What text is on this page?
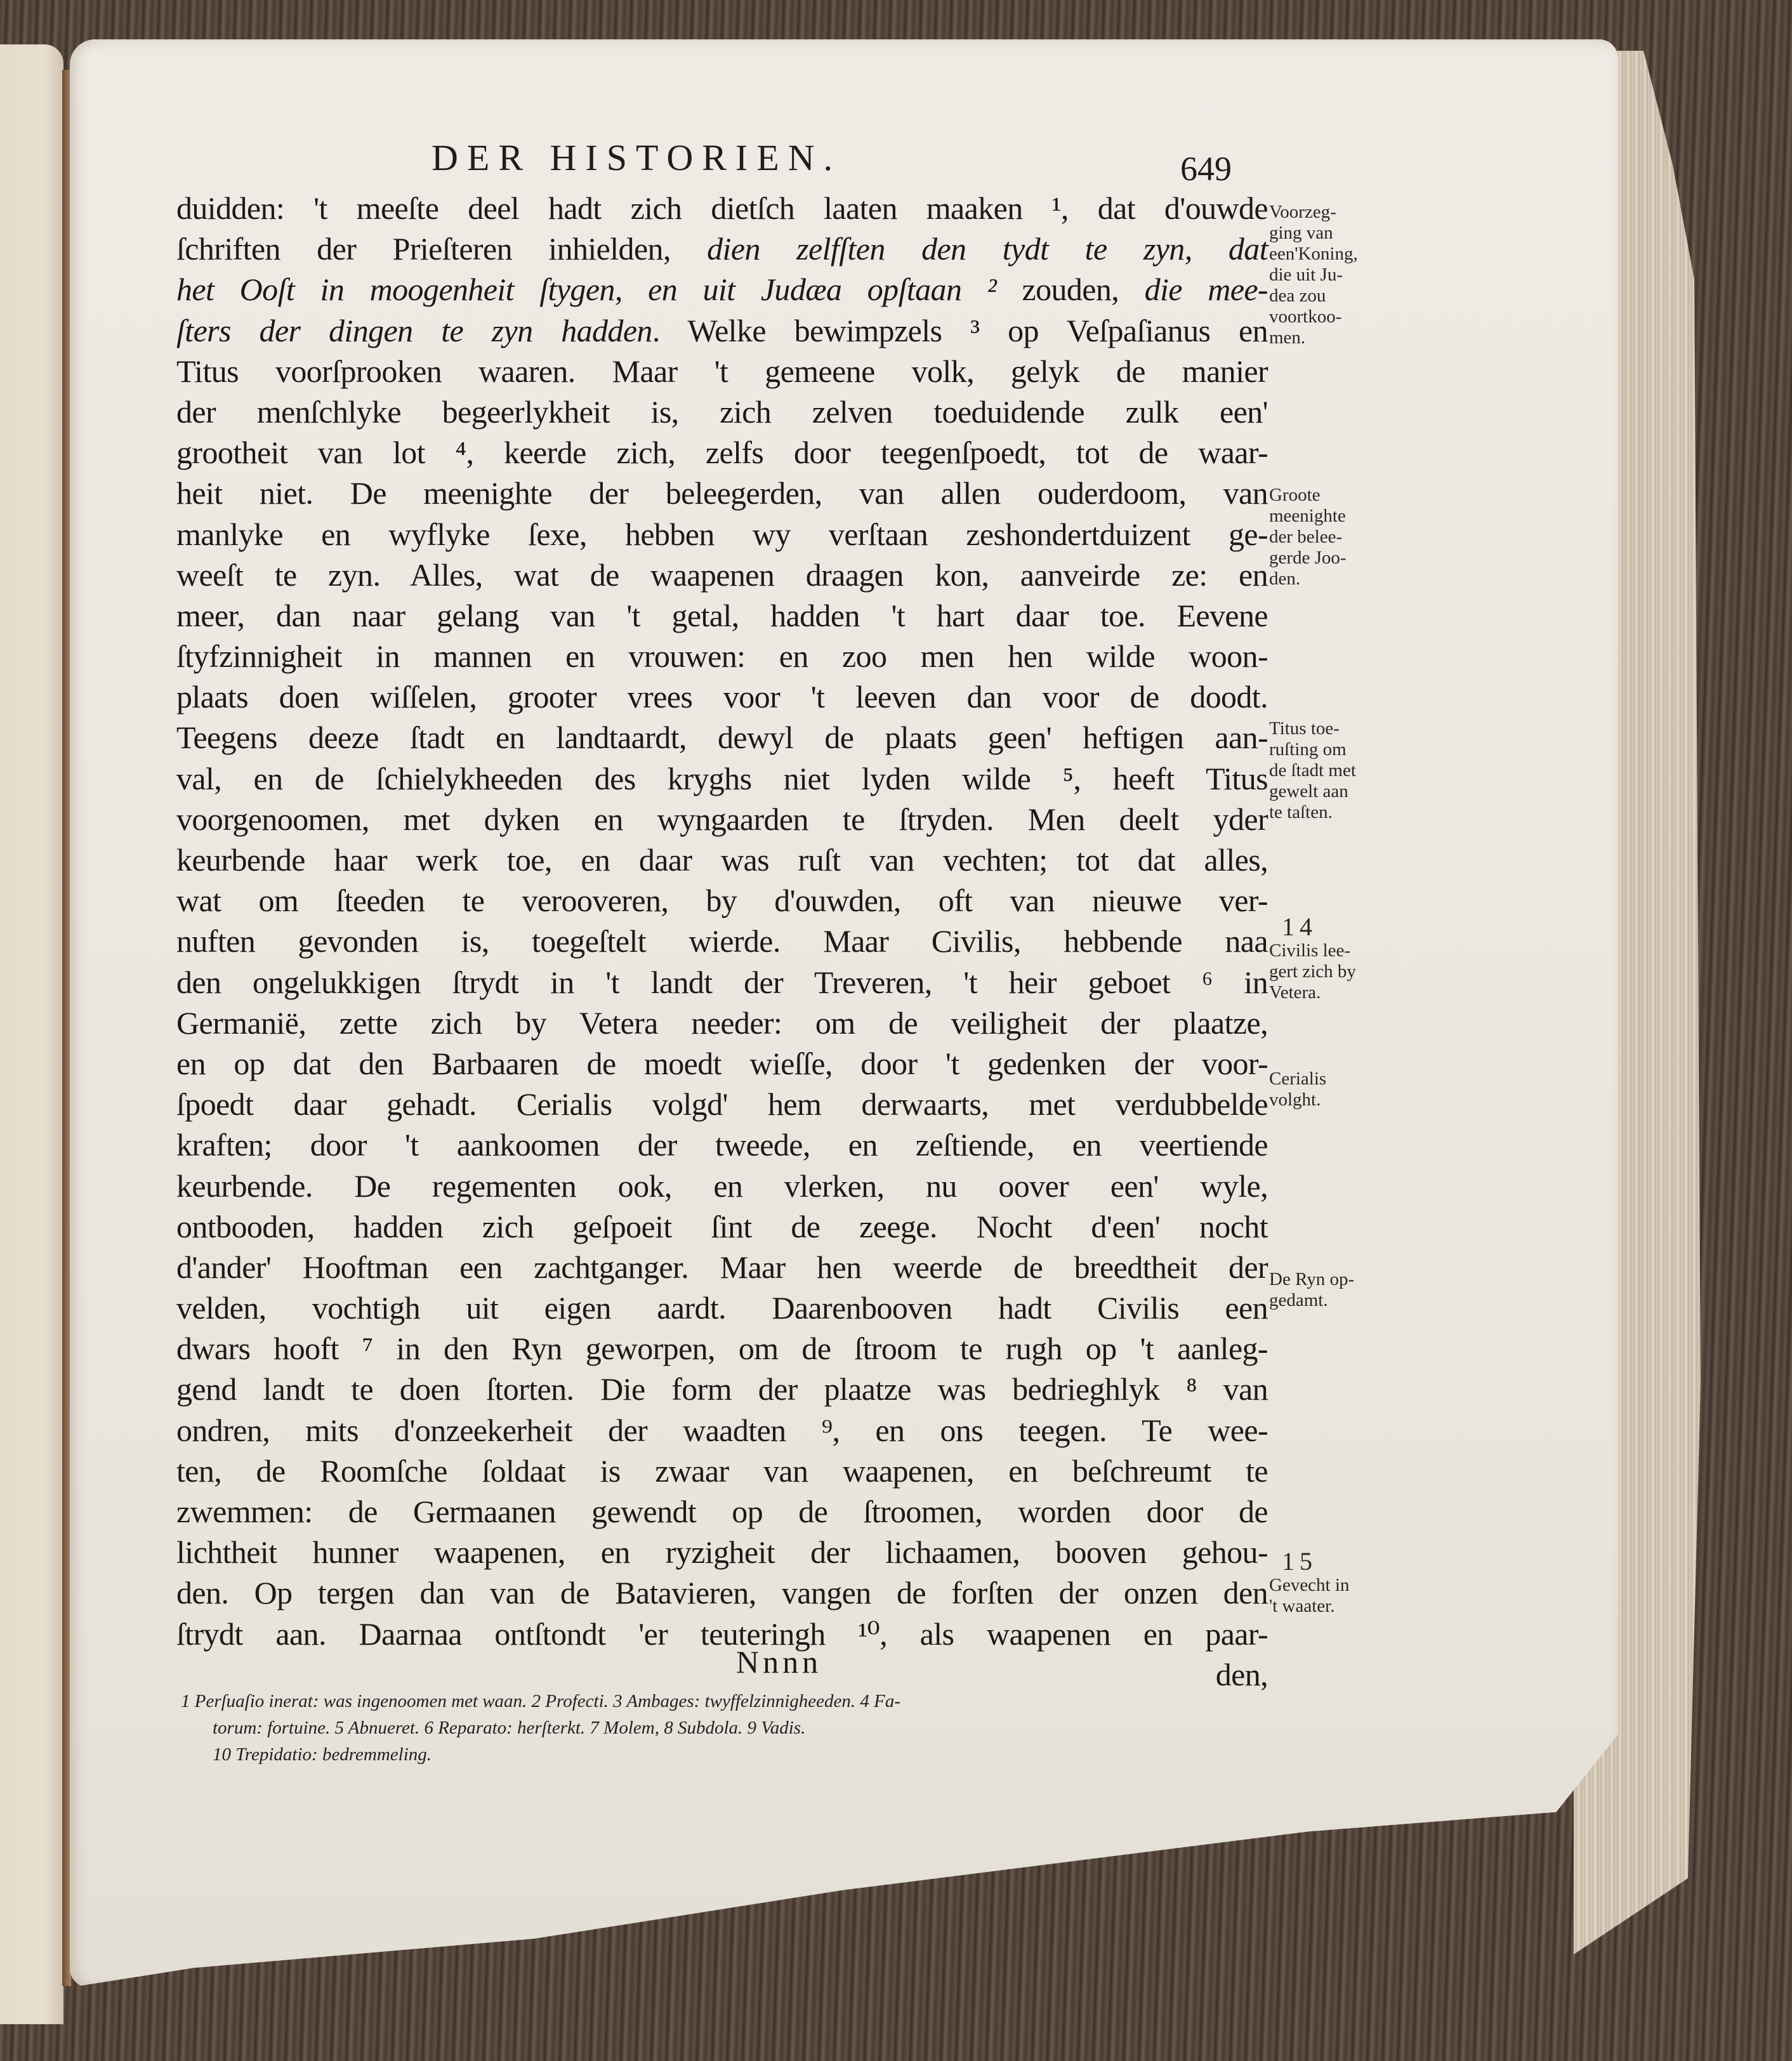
DER HISTORIEN.	649
duidden: 't meeſte deel hadt zich dietſch laaten maaken ¹, dat d'ouwde
ſchriften der Prieſteren inhielden, dien zelfſten den tydt te zyn, dat
het Ooſt in moogenheit ſtygen, en uit Judæa opſtaan ² zouden, die mee-
ſters der dingen te zyn hadden. Welke bewimpzels ³ op Veſpaſianus en
Titus voorſprooken waaren. Maar 't gemeene volk, gelyk de manier
der menſchlyke begeerlykheit is, zich zelven toeduidende zulk een'
grootheit van lot ⁴, keerde zich, zelfs door teegenſpoedt, tot de waar-
heit niet. De meenighte der beleegerden, van allen ouderdoom, van
manlyke en wyflyke ſexe, hebben wy verſtaan zeshondertduizent ge-
weeſt te zyn. Alles, wat de waapenen draagen kon, aanveirde ze: en
meer, dan naar gelang van 't getal, hadden 't hart daar toe. Eevene
ſtyfzinnigheit in mannen en vrouwen: en zoo men hen wilde woon-
plaats doen wiſſelen, grooter vrees voor 't leeven dan voor de doodt.
Teegens deeze ſtadt en landtaardt, dewyl de plaats geen' heftigen aan-
val, en de ſchielykheeden des kryghs niet lyden wilde ⁵, heeft Titus
voorgenoomen, met dyken en wyngaarden te ſtryden. Men deelt yder
keurbende haar werk toe, en daar was ruſt van vechten; tot dat alles,
wat om ſteeden te verooveren, by d'ouwden, oft van nieuwe ver-
nuften gevonden is, toegeſtelt wierde. Maar Civilis, hebbende naa
den ongelukkigen ſtrydt in 't landt der Treveren, 't heir geboet ⁶ in
Germanië, zette zich by Vetera needer: om de veiligheit der plaatze,
en op dat den Barbaaren de moedt wieſſe, door 't gedenken der voor-
ſpoedt daar gehadt. Cerialis volgd' hem derwaarts, met verdubbelde
kraften; door 't aankoomen der tweede, en zeſtiende, en veertiende
keurbende. De regementen ook, en vlerken, nu oover een' wyle,
ontbooden, hadden zich geſpoeit ſint de zeege. Nocht d'een' nocht
d'ander' Hooftman een zachtganger. Maar hen weerde de breedtheit der
velden, vochtigh uit eigen aardt. Daarenbooven hadt Civilis een
dwars hooft ⁷ in den Ryn geworpen, om de ſtroom te rugh op 't aanleg-
gend landt te doen ſtorten. Die form der plaatze was bedrieghlyk ⁸ van
ondren, mits d'onzeekerheit der waadten ⁹, en ons teegen. Te wee-
ten, de Roomſche ſoldaat is zwaar van waapenen, en beſchreumt te
zwemmen: de Germaanen gewendt op de ſtroomen, worden door de
lichtheit hunner waapenen, en ryzigheit der lichaamen, booven gehou-
den. Op tergen dan van de Batavieren, vangen de forſten der onzen den
ſtrydt aan. Daarnaa ontſtondt 'er teuteringh ¹⁰, als waapenen en paar-
den,
Voorzeg-
ging van
een'Koning,
die uit Ju-
dea zou
voortkoo-
men.
Groote
meenighte
der belee-
gerde Joo-
den.
Titus toe-
ruſting om
de ſtadt met
gewelt aan
te taſten.
14
Civilis lee-
gert zich by
Vetera.
Cerialis
volght.
De Ryn op-
gedamt.
15
Gevecht in
't waater.
Nnnn
1 Perſuaſio inerat: was ingenoomen met waan. 2 Profecti. 3 Ambages: twyffelzinnigheeden. 4 Fa-
torum: fortuine. 5 Abnueret. 6 Reparato: herſterkt. 7 Molem, 8 Subdola. 9 Vadis.
10 Trepidatio: bedremmeling.
